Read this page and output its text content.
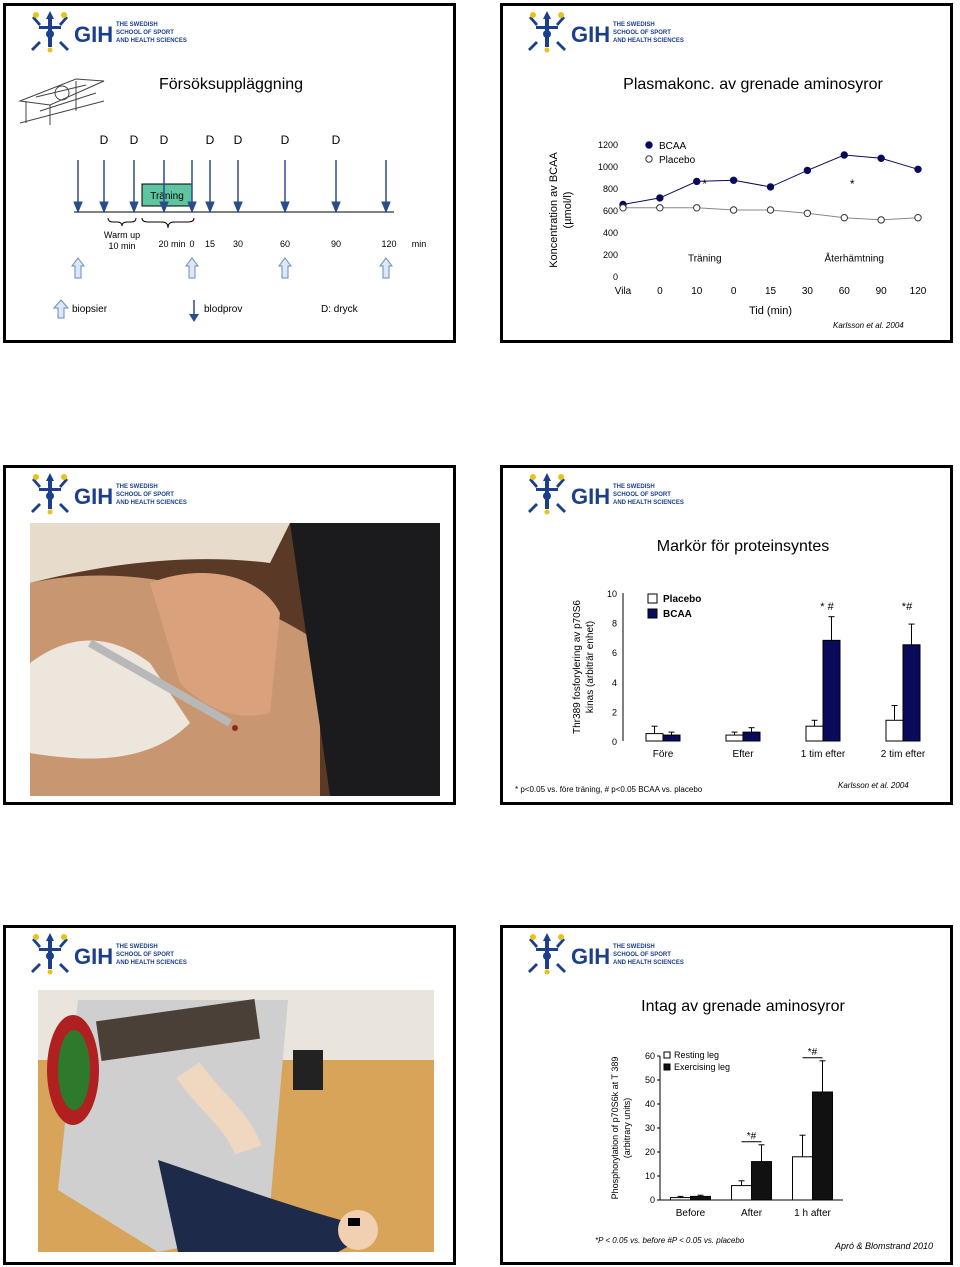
GIH THE SWEDISH
SCHOOL OF SPORT
AND HEALTH SCIENCES
Försöksuppläggning
D D D	D D	D	D
Träning
Warm up
10 min	20 min 0 15 30	60	90	120 min
biopsier	blodprov	D: dryck
GIH THE SWEDISH
SCHOOL OF SPORT
AND HEALTH SCIENCES
Plasmakonc. av grenade aminosyror
Koncentration av BCAA (µmol/l)
0
200
400
600
800
1000
1200
Vila	0	10	0	15	30	60	90 120
Tid (min)
Träning	Återhämtning
*	*
BCAA
Placebo
Karlsson et al. 2004
GIH THE SWEDISH
SCHOOL OF SPORT
AND HEALTH SCIENCES	GIH THE SWEDISH
SCHOOL OF SPORT
AND HEALTH SCIENCES
Markör för proteinsyntes
Thr389 fosforylering av p70S6 kinas (arbiträr enhet)
0
2
4
6
8
10
Före	Efter	1 tim efter	2 tim efter
* #	*#
Placebo
BCAA
* p<0.05 vs. före träning, # p<0.05 BCAA vs. placebo	Karlsson et al. 2004
GIH THE SWEDISH
SCHOOL OF SPORT
AND HEALTH SCIENCES	GIH THE SWEDISH
SCHOOL OF SPORT
AND HEALTH SCIENCES
Intag av grenade aminosyror
Phosphorylation of p70S6k at T 389 (arbitrary units)
0
10
20
30
40
50
60
Before	After	1 h after
*#
*#
Resting leg
Exercising leg
*P < 0.05 vs. before #P < 0.05 vs. placebo
Apró & Blomstrand 2010
